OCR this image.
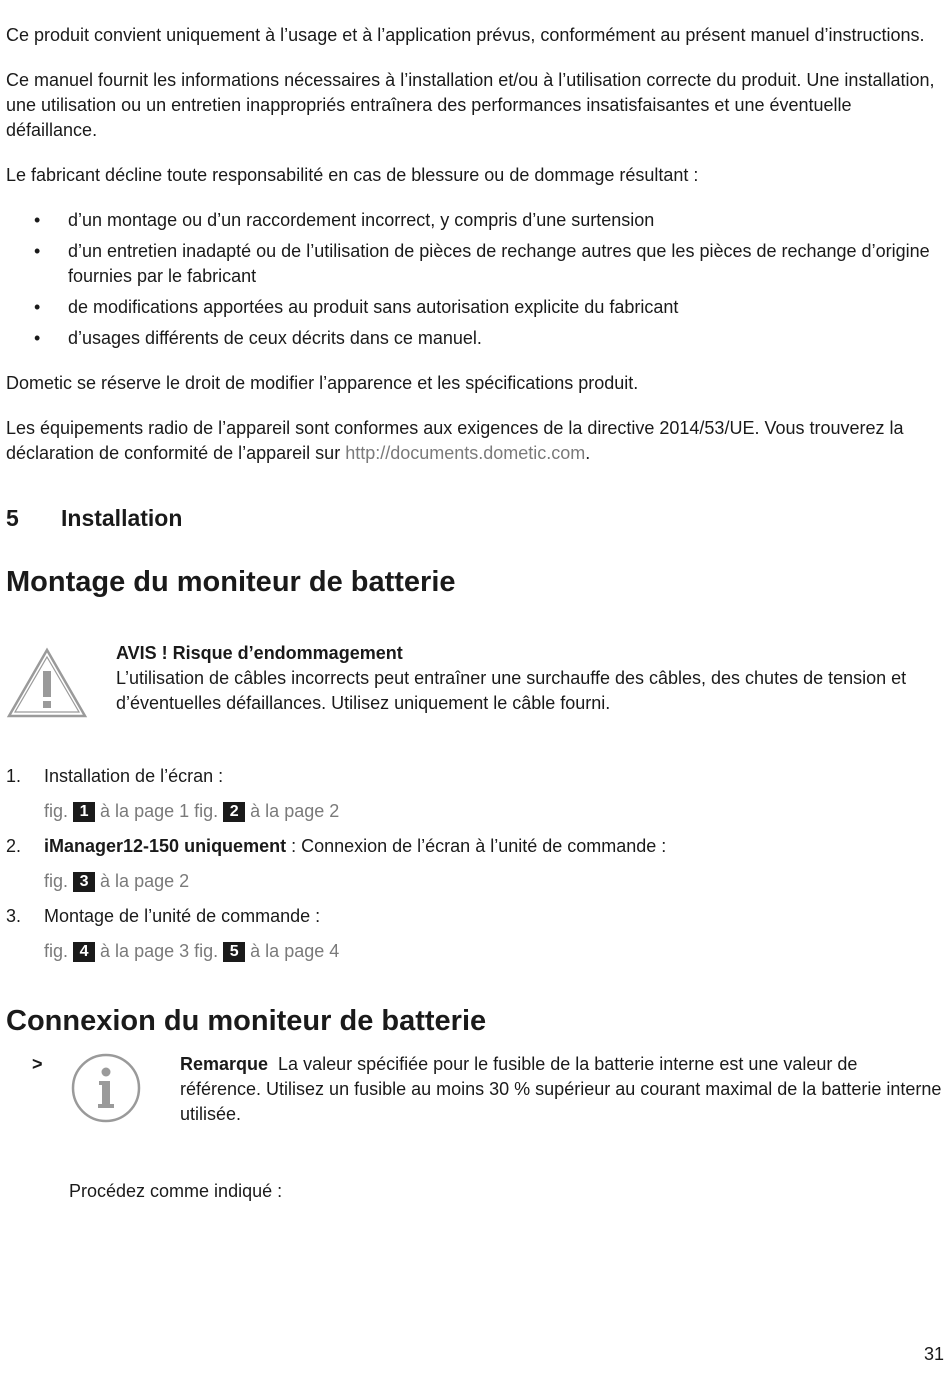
Ce produit convient uniquement à l’usage et à l’application prévus, conformément au présent manuel d’instructions.

Ce manuel fournit les informations nécessaires à l’installation et/ou à l’utilisation correcte du produit. Une installation, une utilisation ou un entretien inappropriés entraînera des performances insatisfaisantes et une éventuelle défaillance.

Le fabricant décline toute responsabilité en cas de blessure ou de dommage résultant :

• d’un montage ou d’un raccordement incorrect, y compris d’une surtension
• d’un entretien inadapté ou de l’utilisation de pièces de rechange autres que les pièces de rechange d’origine fournies par le fabricant
• de modifications apportées au produit sans autorisation explicite du fabricant
• d’usages différents de ceux décrits dans ce manuel.

Dometic se réserve le droit de modifier l’apparence et les spécifications produit.

Les équipements radio de l’appareil sont conformes aux exigences de la directive 2014/53/UE. Vous trouverez la déclaration de conformité de l’appareil sur http://documents.dometic.com.

5	Installation
Montage du moniteur de batterie
AVIS ! Risque d’endommagement
L’utilisation de câbles incorrects peut entraîner une surchauffe des câbles, des chutes de tension et d’éventuelles défaillances. Utilisez uniquement le câble fourni.
1.	Installation de l’écran :
fig. 1 à la page 1 fig. 2 à la page 2
2.	iManager12-150 uniquement : Connexion de l’écran à l’unité de commande :
fig. 3 à la page 2
3.	Montage de l’unité de commande :
fig. 4 à la page 3 fig. 5 à la page 4
Connexion du moniteur de batterie
>	Remarque La valeur spécifiée pour le fusible de la batterie interne est une valeur de référence. Utilisez un fusible au moins 30 % supérieur au courant maximal de la batterie interne utilisée.

Procédez comme indiqué :

31
